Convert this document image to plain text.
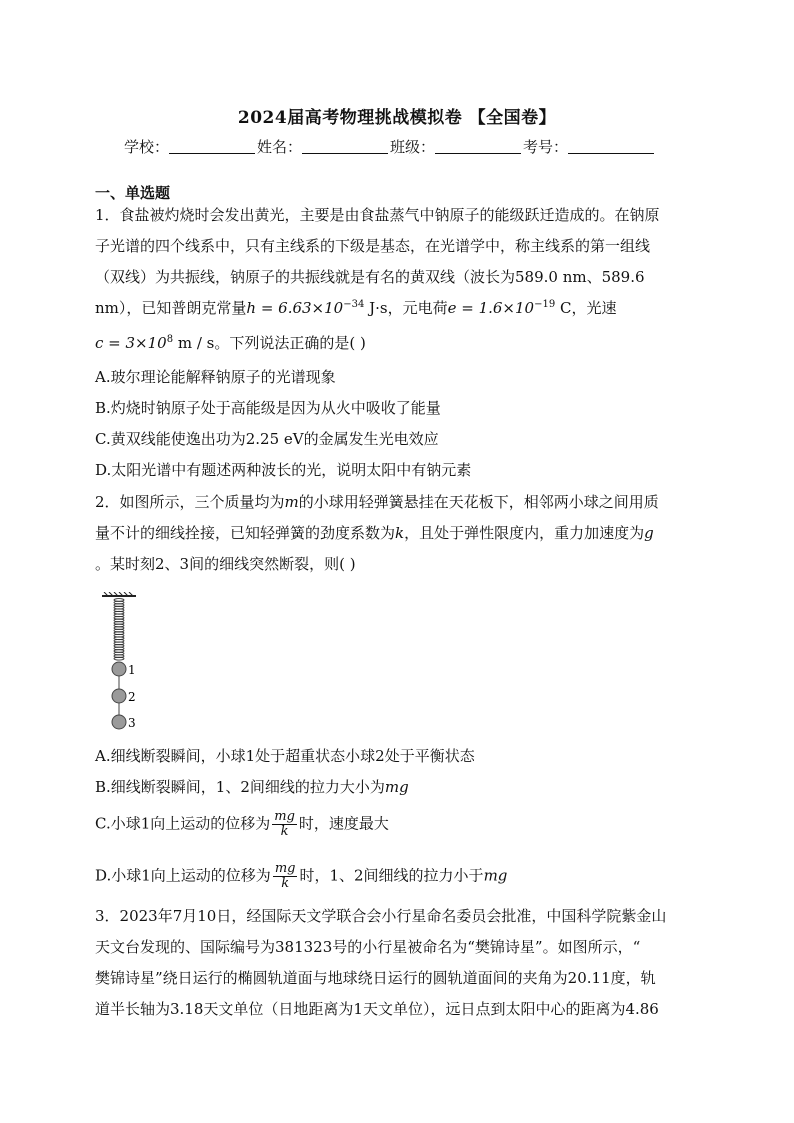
2024届高考物理挑战模拟卷 【全国卷】
学校：	姓名：	班级：	考号：
一、单选题
1．食盐被灼烧时会发出黄光，主要是由食盐蒸气中钠原子的能级跃迁造成的。在钠原
子光谱的四个线系中，只有主线系的下级是基态，在光谱学中，称主线系的第一组线
（双线）为共振线，钠原子的共振线就是有名的黄双线（波长为589.0 nm、589.6
nm），已知普朗克常量$h = 6.63\times 10^{-34}$ J·s，元电荷$e = 1.6\times 10^{-19}$ C，光速
$c = 3\times 10^8$ m / s。下列说法正确的是( )
A.玻尔理论能解释钠原子的光谱现象
B.灼烧时钠原子处于高能级是因为从火中吸收了能量
C.黄双线能使逸出功为2.25 eV的金属发生光电效应
D.太阳光谱中有题述两种波长的光，说明太阳中有钠元素
2．如图所示，三个质量均为m的小球用轻弹簧悬挂在天花板下，相邻两小球之间用质
量不计的细线拴接，已知轻弹簧的劲度系数为k，且处于弹性限度内，重力加速度为g
。某时刻2、3间的细线突然断裂，则( )
1
2
3
A.细线断裂瞬间，小球1处于超重状态小球2处于平衡状态
B.细线断裂瞬间，1、2间细线的拉力大小为mg
C.小球1向上运动的位移为 $\frac{mg}{k}$ 时，速度最大
D.小球1向上运动的位移为 $\frac{mg}{k}$ 时，1、2间细线的拉力小于mg
3．2023年7月10日，经国际天文学联合会小行星命名委员会批准，中国科学院紫金山
天文台发现的、国际编号为381323号的小行星被命名为“樊锦诗星”。如图所示，“
樊锦诗星”绕日运行的椭圆轨道面与地球绕日运行的圆轨道面间的夹角为20.11度，轨
道半长轴为3.18天文单位（日地距离为1天文单位），远日点到太阳中心的距离为4.86
